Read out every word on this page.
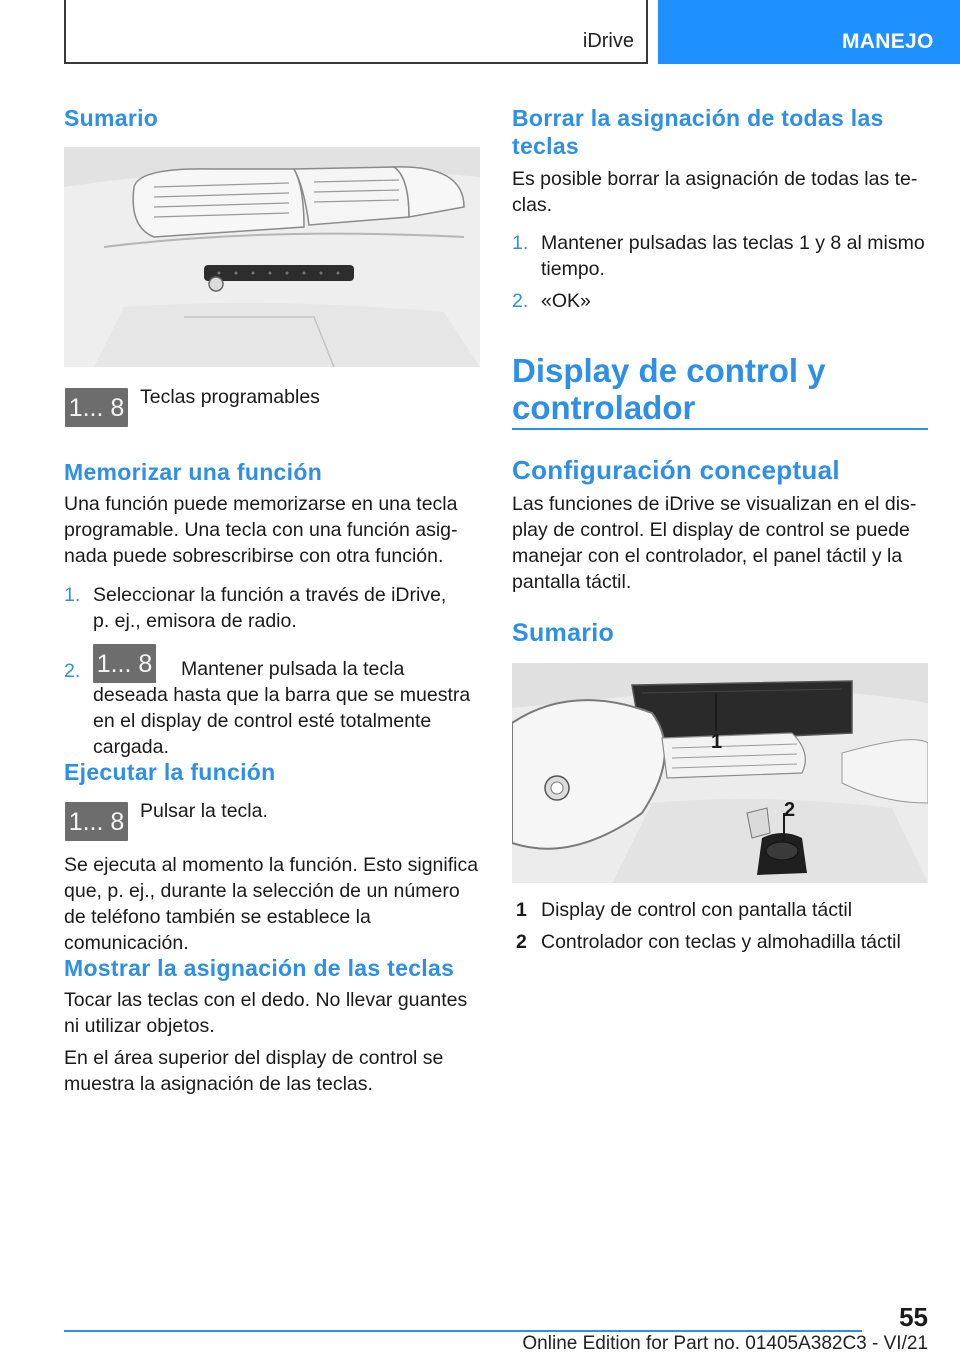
iDrive	MANEJO
Sumario
1... 8 Teclas programables

Memorizar una función

Una función puede memorizarse en una tecla programable. Una tecla con una función asignada puede sobrescribirse con otra función.

1. Seleccionar la función a través de iDrive, p. ej., emisora de radio.

2. 1... 8	Mantener pulsada la tecla deseada hasta que la barra que se muestra en el display de control esté totalmente cargada.

Ejecutar la función
1... 8 Pulsar la tecla.

Se ejecuta al momento la función. Esto significa que, p. ej., durante la selección de un número de teléfono también se establece la comunicación.

Mostrar la asignación de las teclas

Tocar las teclas con el dedo. No llevar guantes ni utilizar objetos.

En el área superior del display de control se muestra la asignación de las teclas.

Borrar la asignación de todas las teclas

Es posible borrar la asignación de todas las teclas.

1. Mantener pulsadas las teclas 1 y 8 al mismo tiempo.

2. «OK»

Display de control y controlador
Configuración conceptual

Las funciones de iDrive se visualizan en el display de control. El display de control se puede manejar con el controlador, el panel táctil y la pantalla táctil.

Sumario
1
2
1 Display de control con pantalla táctil

2 Controlador con teclas y almohadilla táctil

55
Online Edition for Part no. 01405A382C3 - VI/21
